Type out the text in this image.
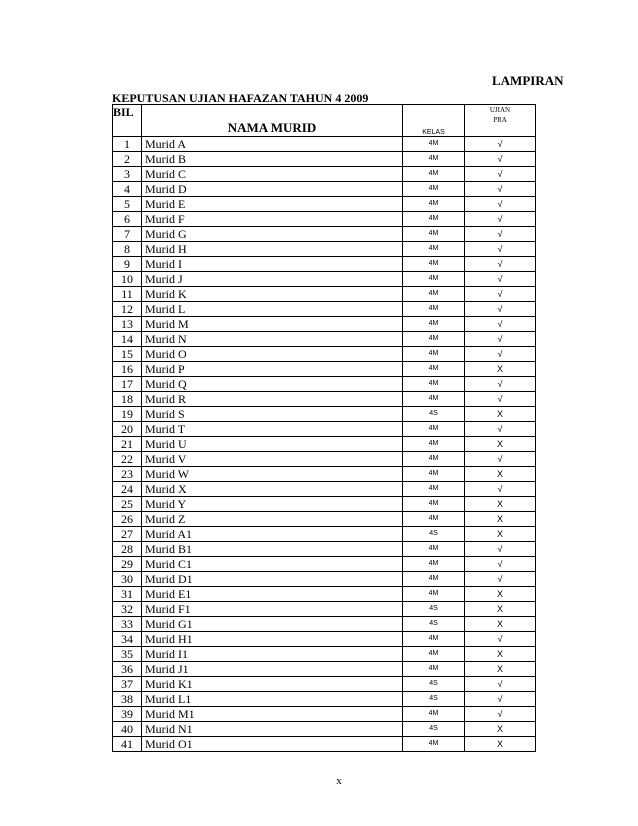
LAMPIRAN
KEPUTUSAN UJIAN HAFAZAN TAHUN 4 2009
BIL	NAMA MURID	KELAS	UJIAN
PRA

1	Murid A	4M	√
2	Murid B	4M	√
3	Murid C	4M	√
4	Murid D	4M	√
5	Murid E	4M	√
6	Murid F	4M	√
7	Murid G	4M	√
8	Murid H	4M	√
9	Murid I	4M	√
10	Murid J	4M	√
11	Murid K	4M	√
12	Murid L	4M	√
13	Murid M	4M	√
14	Murid N	4M	√
15	Murid O	4M	√
16	Murid P	4M	X
17	Murid Q	4M	√
18	Murid R	4M	√
19	Murid S	4S	X
20	Murid T	4M	√
21	Murid U	4M	X
22	Murid V	4M	√
23	Murid W	4M	X
24	Murid X	4M	√
25	Murid Y	4M	X
26	Murid Z	4M	X
27	Murid A1	4S	X
28	Murid B1	4M	√
29	Murid C1	4M	√
30	Murid D1	4M	√
31	Murid E1	4M	X
32	Murid F1	4S	X
33	Murid G1	4S	X
34	Murid H1	4M	√
35	Murid I1	4M	X
36	Murid J1	4M	X
37	Murid K1	4S	√
38	Murid L1	4S	√
39	Murid M1	4M	√
40	Murid N1	4S	X
41	Murid O1	4M	X
x
